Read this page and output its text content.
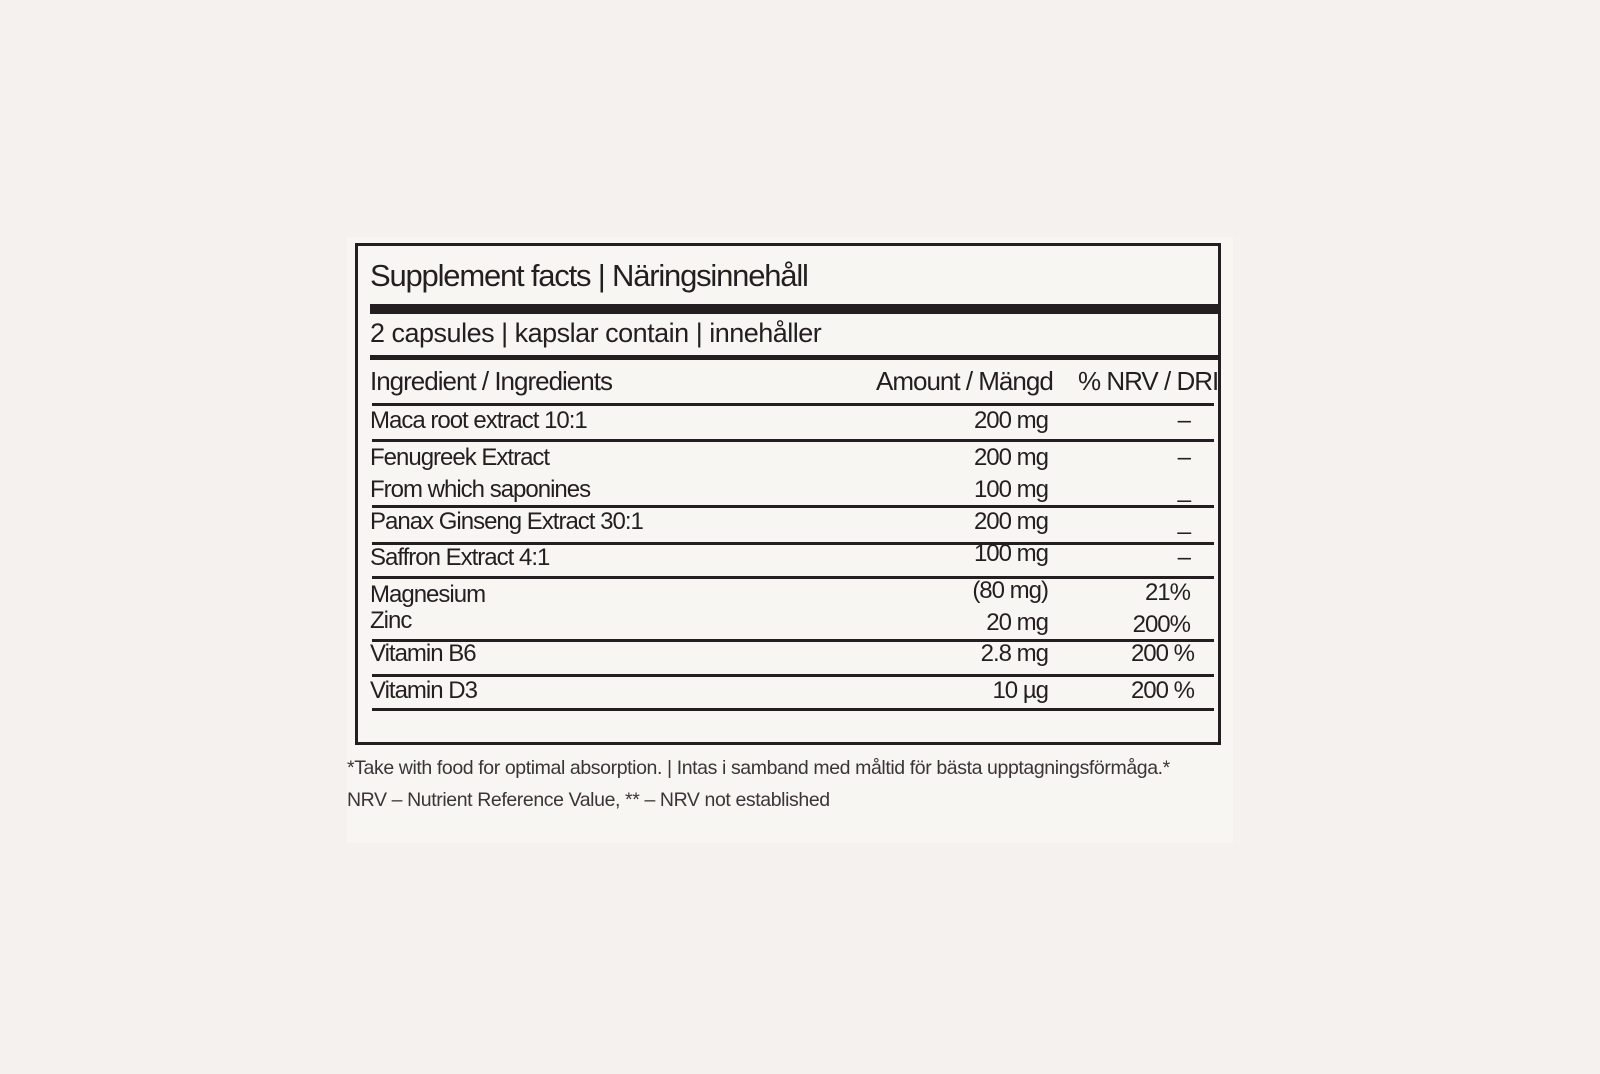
Supplement facts | Näringsinnehåll
2 capsules | kapslar contain | innehåller
Ingredient / Ingredients	Amount / Mängd % NRV / DRI
Maca root extract 10:1	200 mg	–
Fenugreek Extract	200 mg	–
From which saponines	100 mg	_
Panax Ginseng Extract 30:1	200 mg	_
Saffron Extract 4:1	100 mg	–
Magnesium	(80 mg)	21%
Zinc	20 mg	200%
Vitamin B6	2.8 mg	200 %
Vitamin D3	10 µg	200 %
*Take with food for optimal absorption. | Intas i samband med måltid för bästa upptagningsförmåga.*
NRV – Nutrient Reference Value, ** – NRV not established
